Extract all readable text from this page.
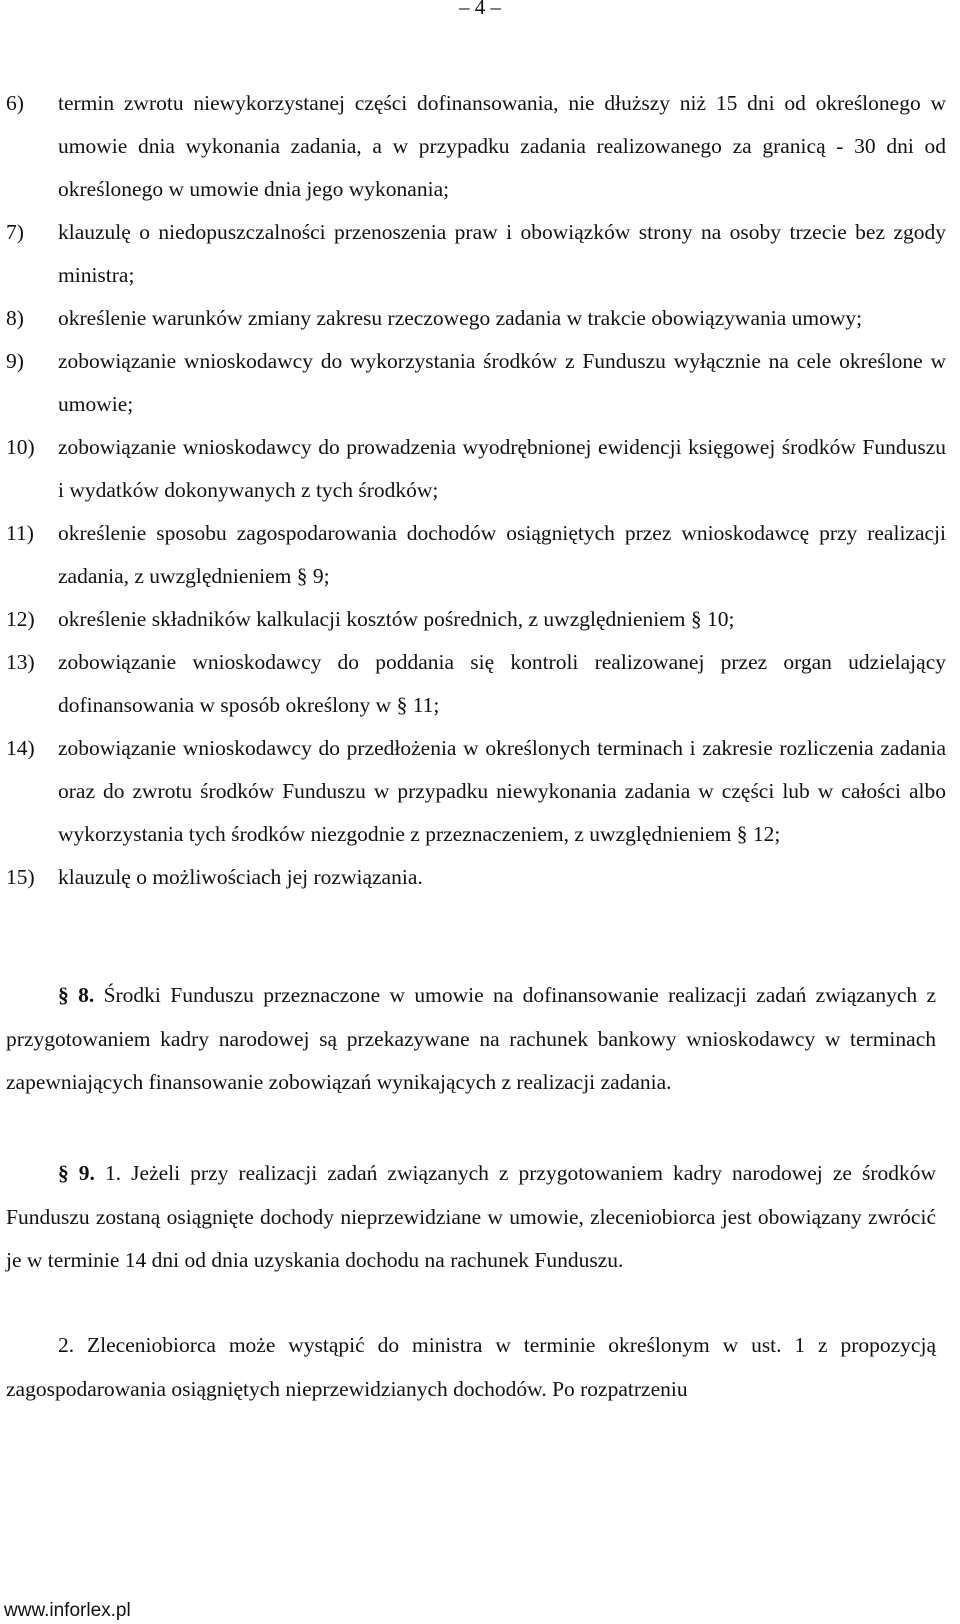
– 4 –
6) termin zwrotu niewykorzystanej części dofinansowania, nie dłuższy niż 15 dni od określonego w umowie dnia wykonania zadania, a w przypadku zadania realizowanego za granicą - 30 dni od określonego w umowie dnia jego wykonania;
7) klauzulę o niedopuszczalności przenoszenia praw i obowiązków strony na osoby trzecie bez zgody ministra;
8) określenie warunków zmiany zakresu rzeczowego zadania w trakcie obowiązywania umowy;
9) zobowiązanie wnioskodawcy do wykorzystania środków z Funduszu wyłącznie na cele określone w umowie;
10) zobowiązanie wnioskodawcy do prowadzenia wyodrębnionej ewidencji księgowej środków Funduszu i wydatków dokonywanych z tych środków;
11) określenie sposobu zagospodarowania dochodów osiągniętych przez wnioskodawcę przy realizacji zadania, z uwzględnieniem § 9;
12) określenie składników kalkulacji kosztów pośrednich, z uwzględnieniem § 10;
13) zobowiązanie wnioskodawcy do poddania się kontroli realizowanej przez organ udzielający dofinansowania w sposób określony w § 11;
14) zobowiązanie wnioskodawcy do przedłożenia w określonych terminach i zakresie rozliczenia zadania oraz do zwrotu środków Funduszu w przypadku niewykonania zadania w części lub w całości albo wykorzystania tych środków niezgodnie z przeznaczeniem, z uwzględnieniem § 12;
15) klauzulę o możliwościach jej rozwiązania.
§ 8. Środki Funduszu przeznaczone w umowie na dofinansowanie realizacji zadań związanych z przygotowaniem kadry narodowej są przekazywane na rachunek bankowy wnioskodawcy w terminach zapewniających finansowanie zobowiązań wynikających z realizacji zadania.
§ 9. 1. Jeżeli przy realizacji zadań związanych z przygotowaniem kadry narodowej ze środków Funduszu zostaną osiągnięte dochody nieprzewidziane w umowie, zleceniobiorca jest obowiązany zwrócić je w terminie 14 dni od dnia uzyskania dochodu na rachunek Funduszu.
2. Zleceniobiorca może wystąpić do ministra w terminie określonym w ust. 1 z propozycją zagospodarowania osiągniętych nieprzewidzianych dochodów. Po rozpatrzeniu
www.inforlex.pl
